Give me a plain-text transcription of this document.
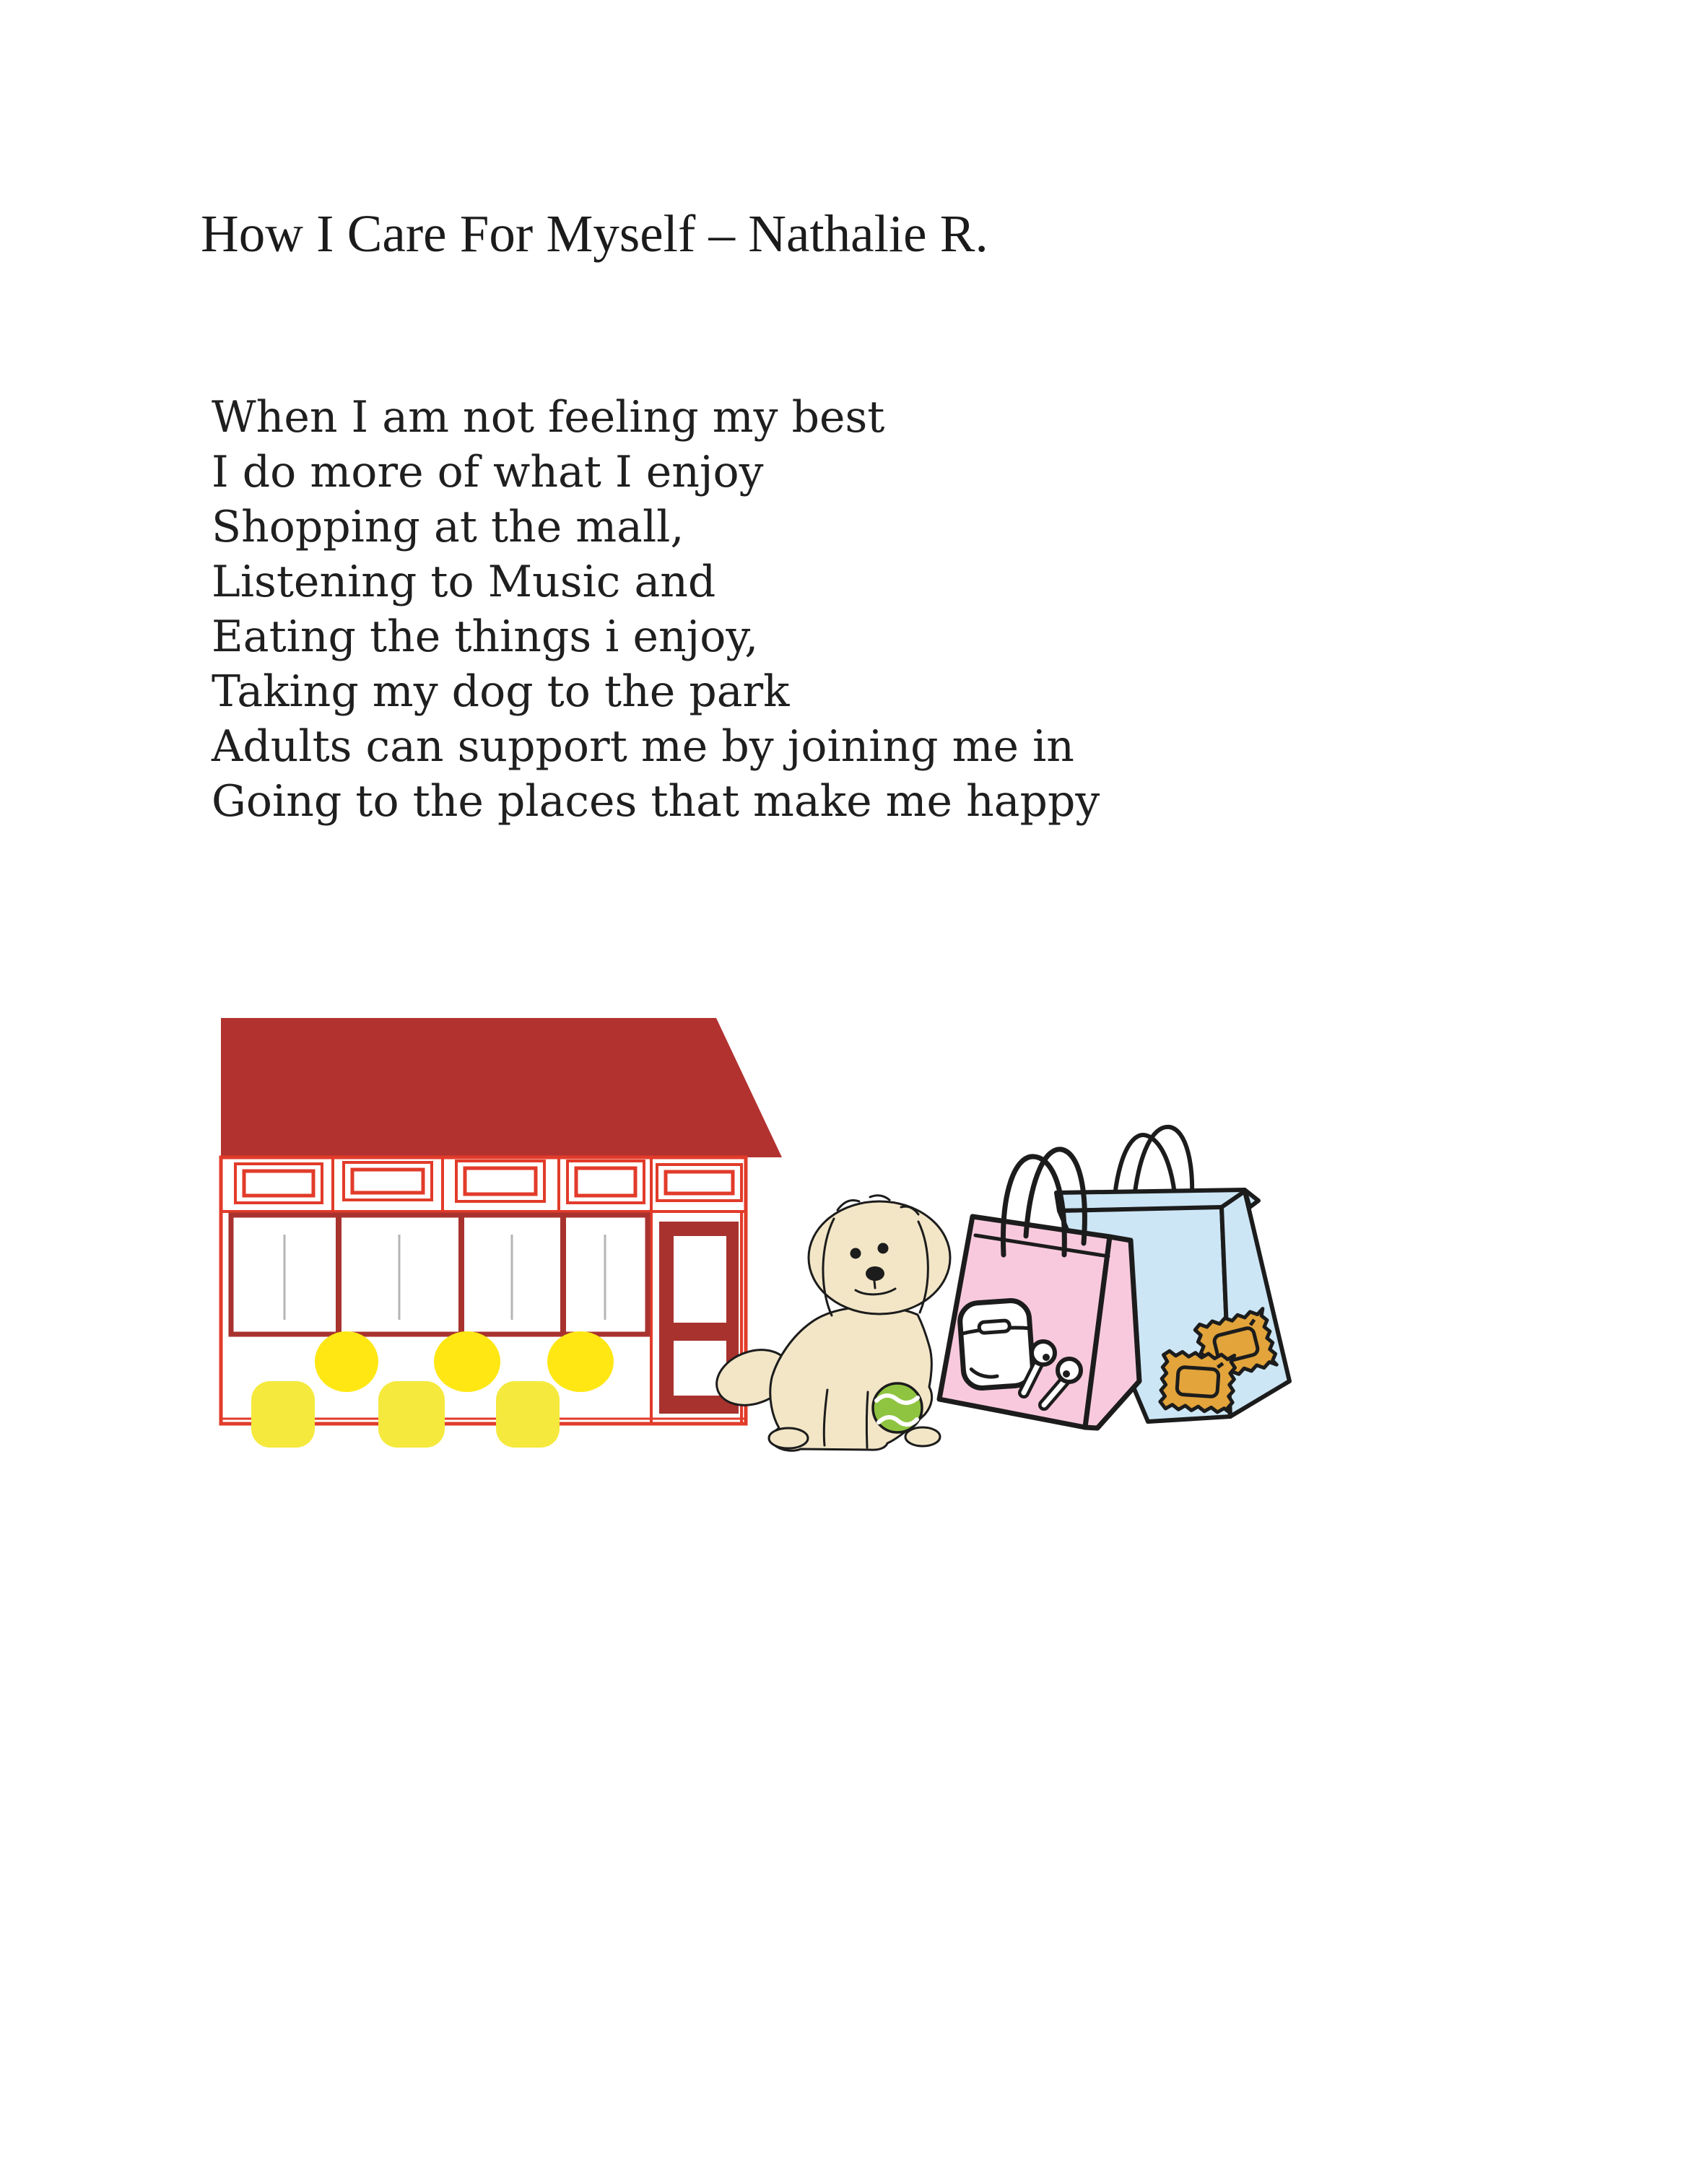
How I Care For Myself – Nathalie R.
When I am not feeling my best
I do more of what I enjoy
Shopping at the mall,
Listening to Music and
Eating the things i enjoy,
Taking my dog to the park
Adults can support me by joining me in
Going to the places that make me happy
